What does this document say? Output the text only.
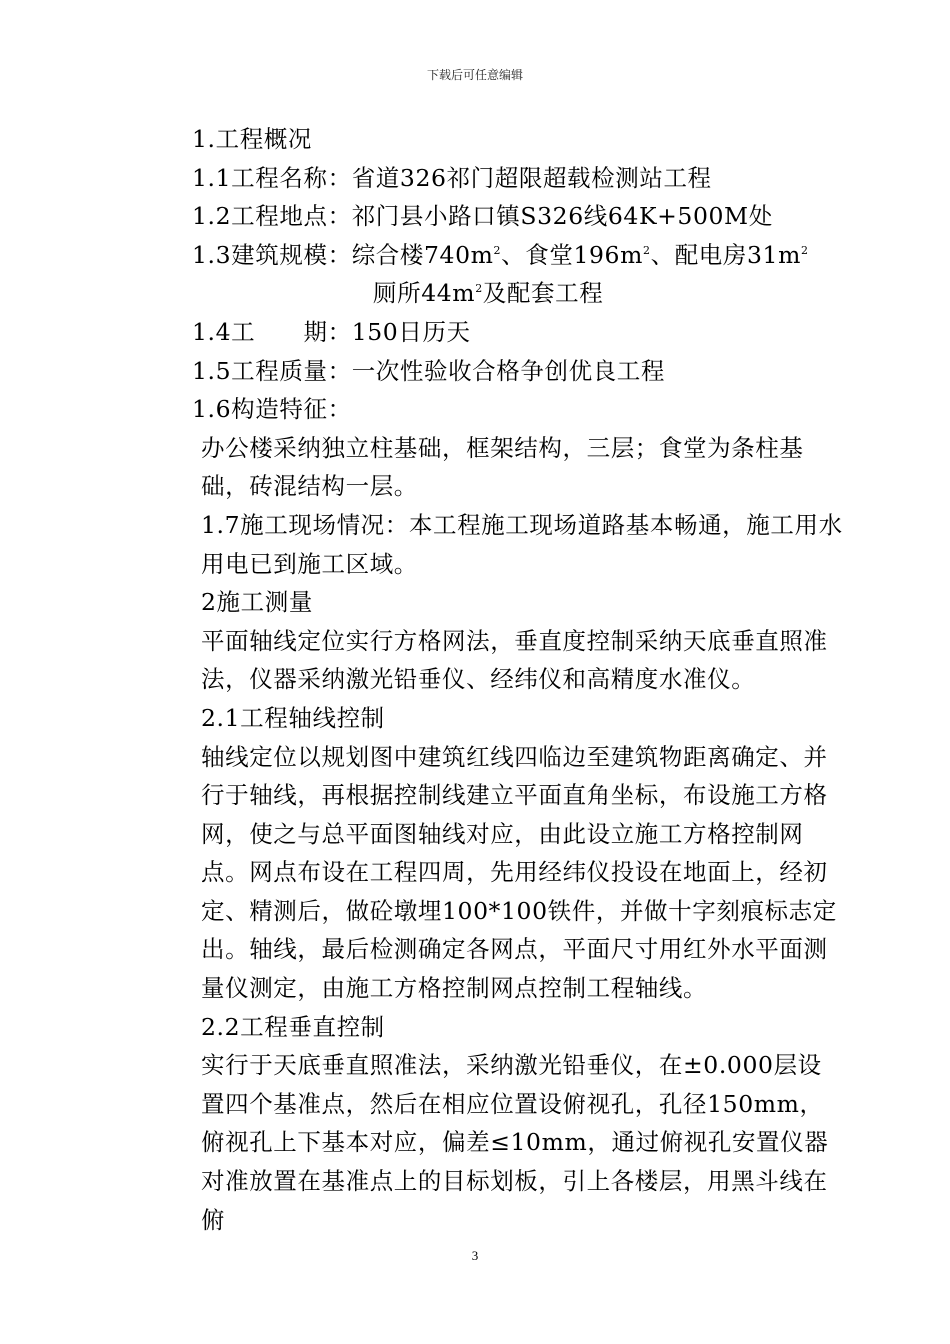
下载后可任意编辑

1.工程概况

1.1工程名称：省道326祁门超限超载检测站工程

1.2工程地点：祁门县小路口镇S326线64K+500M处

1.3建筑规模：综合楼$740m^2$、食堂$196m^2$、配电房$31m^2$

厕所$44m^2$及配套工程

1.4工　　期：150日历天

1.5工程质量：一次性验收合格争创优良工程

1.6构造特征：

办公楼采纳独立柱基础，框架结构，三层；食堂为条柱基础，砖混结构一层。

1.7施工现场情况：本工程施工现场道路基本畅通，施工用水　用电已到施工区域。

2施工测量

平面轴线定位实行方格网法，垂直度控制采纳天底垂直照准法，仪器采纳激光铅垂仪、经纬仪和高精度水准仪。

2.1工程轴线控制

轴线定位以规划图中建筑红线四临边至建筑物距离确定、并行于轴线，再根据控制线建立平面直角坐标，布设施工方格网，使之与总平面图轴线对应，由此设立施工方格控制网点。网点布设在工程四周，先用经纬仪投设在地面上，经初定、精测后，做砼墩埋100*100铁件，并做十字刻痕标志定出。轴线，最后检测确定各网点，平面尺寸用红外水平面测量仪测定，由施工方格控制网点控制工程轴线。

2.2工程垂直控制

实行于天底垂直照准法，采纳激光铅垂仪，在±0.000层设置四个基准点，然后在相应位置设俯视孔，孔径150mm，俯视孔上下基本对应，偏差≤10mm，通过俯视孔安置仪器对准放置在基准点上的目标划板，引上各楼层，用黑斗线在俯

3
